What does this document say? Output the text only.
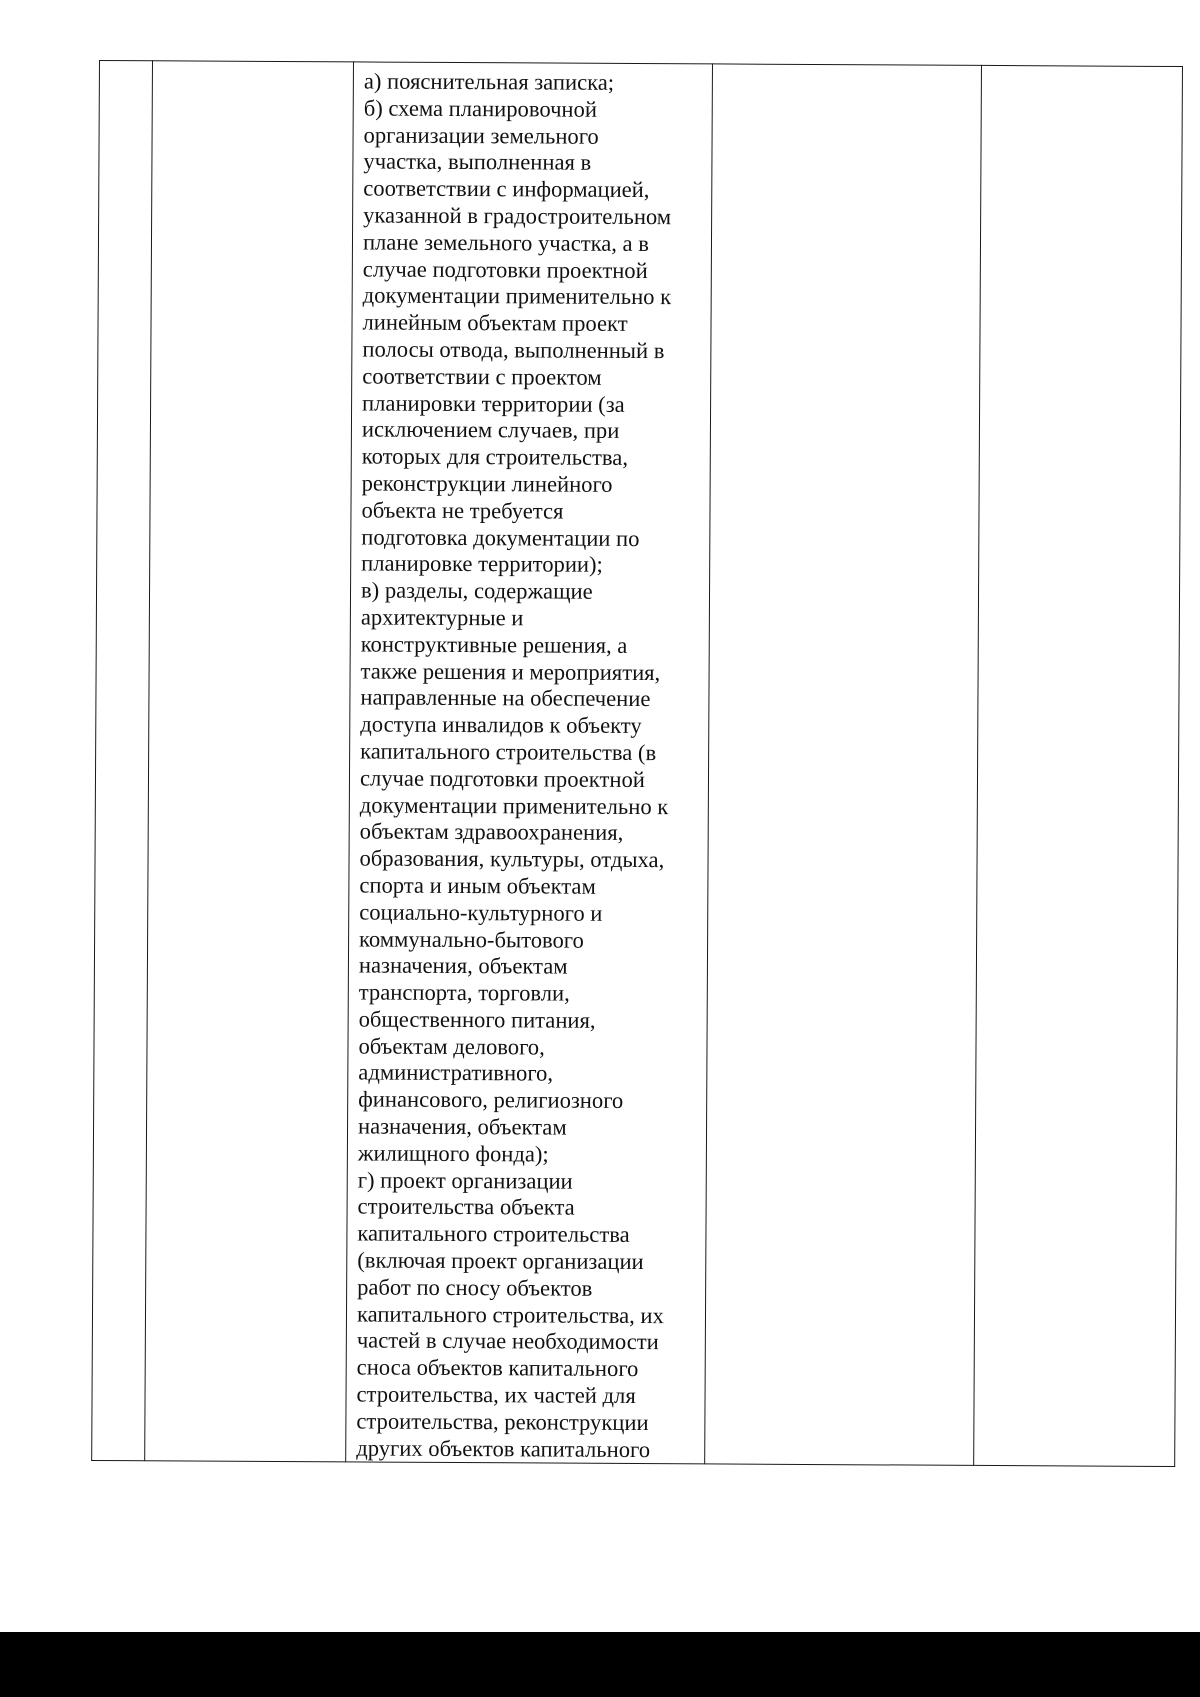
а) пояснительная записка;
б) схема планировочной
организации земельного
участка, выполненная в
соответствии с информацией,
указанной в градостроительном
плане земельного участка, а в
случае подготовки проектной
документации применительно к
линейным объектам проект
полосы отвода, выполненный в
соответствии с проектом
планировки территории (за
исключением случаев, при
которых для строительства,
реконструкции линейного
объекта не требуется
подготовка документации по
планировке территории);
в) разделы, содержащие
архитектурные и
конструктивные решения, а
также решения и мероприятия,
направленные на обеспечение
доступа инвалидов к объекту
капитального строительства (в
случае подготовки проектной
документации применительно к
объектам здравоохранения,
образования, культуры, отдыха,
спорта и иным объектам
социально-культурного и
коммунально-бытового
назначения, объектам
транспорта, торговли,
общественного питания,
объектам делового,
административного,
финансового, религиозного
назначения, объектам
жилищного фонда);
г) проект организации
строительства объекта
капитального строительства
(включая проект организации
работ по сносу объектов
капитального строительства, их
частей в случае необходимости
сноса объектов капитального
строительства, их частей для
строительства, реконструкции
других объектов капитального
